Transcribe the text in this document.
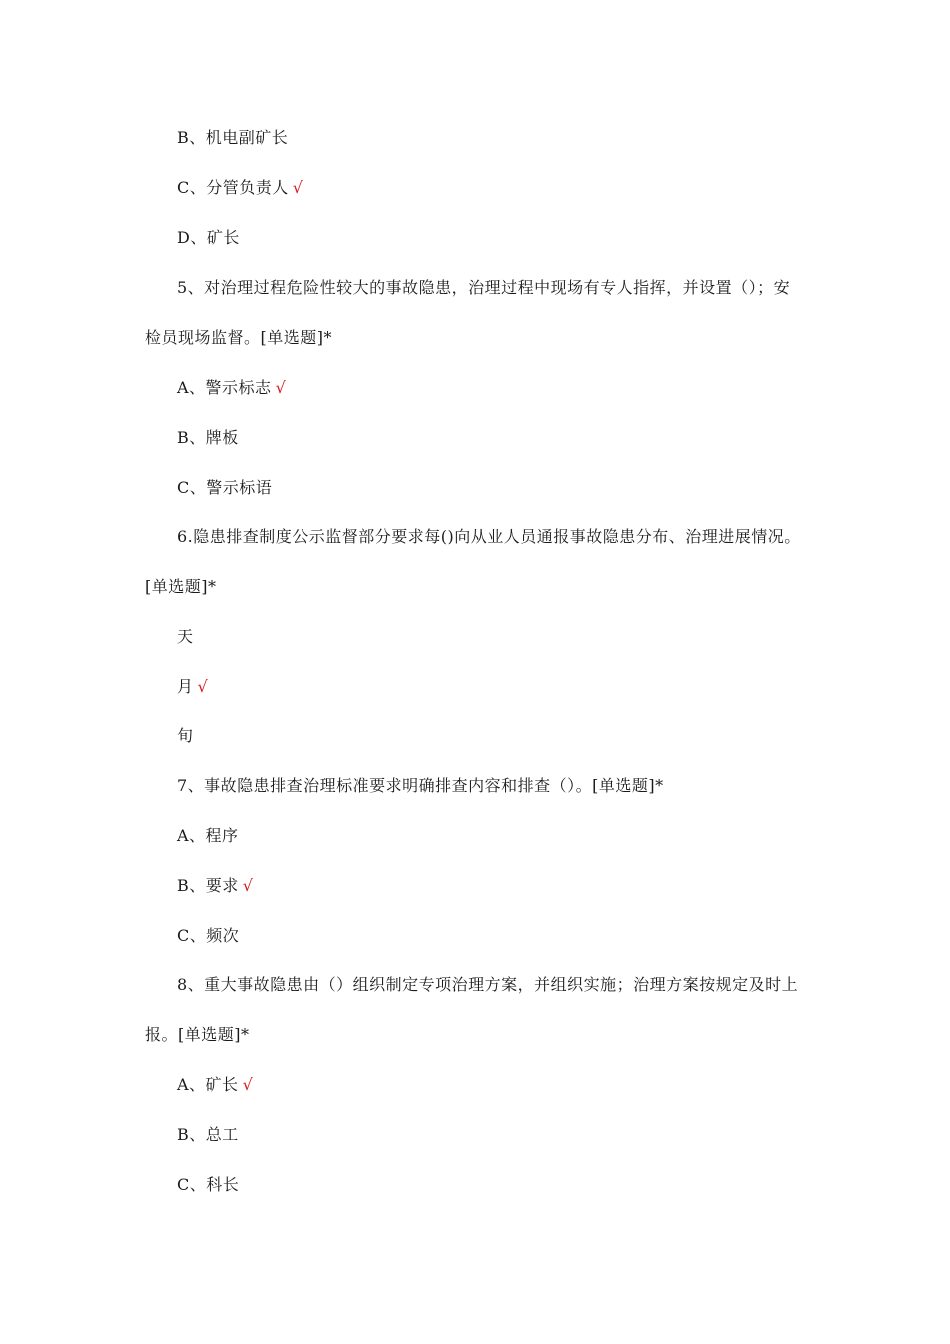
B、机电副矿长
C、分管负责人 √
D、矿长
5、对治理过程危险性较大的事故隐患，治理过程中现场有专人指挥，并设置（）；安
检员现场监督。[单选题]*
A、警示标志 √
B、牌板
C、警示标语
6.隐患排查制度公示监督部分要求每()向从业人员通报事故隐患分布、治理进展情况。
[单选题]*
天
月 √
旬
7、事故隐患排查治理标准要求明确排查内容和排查（）。[单选题]*
A、程序
B、要求 √
C、频次
8、重大事故隐患由（）组织制定专项治理方案，并组织实施；治理方案按规定及时上
报。[单选题]*
A、矿长 √
B、总工
C、科长
